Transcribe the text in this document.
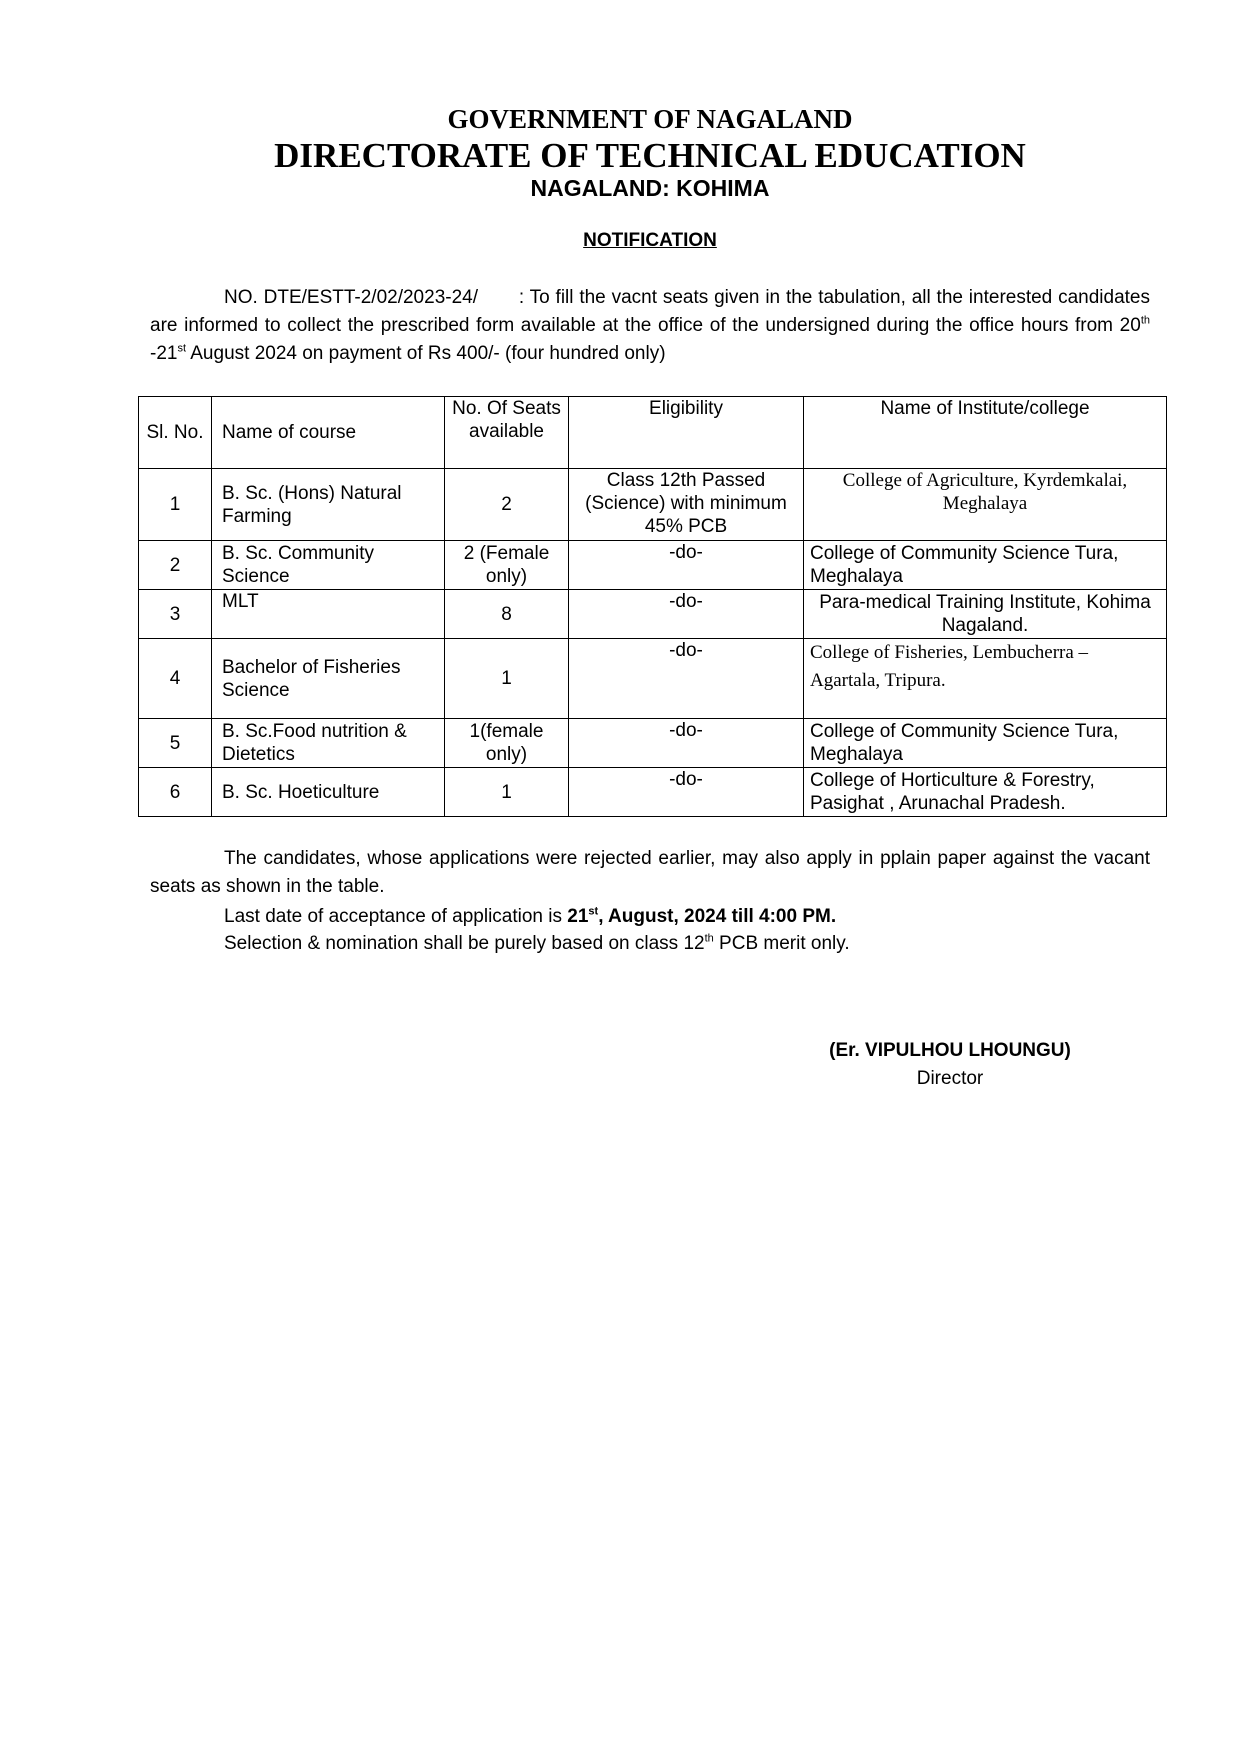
GOVERNMENT OF NAGALAND
DIRECTORATE OF TECHNICAL EDUCATION
NAGALAND: KOHIMA
NOTIFICATION
NO. DTE/ESTT-2/02/2023-24/ : To fill the vacnt seats given in the tabulation, all the interested candidates are informed to collect the prescribed form available at the office of the undersigned during the office hours from 20th -21st August 2024 on payment of Rs 400/- (four hundred only)
Sl. No.	Name of course	No. Of Seats available	Eligibility	Name of Institute/college
1	B. Sc. (Hons) Natural Farming	2	Class 12th Passed (Science) with minimum 45% PCB	College of Agriculture, Kyrdemkalai, Meghalaya
2	B. Sc. Community Science	2 (Female only)	-do-	College of Community Science Tura, Meghalaya
3	MLT	8	-do-	Para-medical Training Institute, Kohima Nagaland.
4	Bachelor of Fisheries Science	1	-do-	College of Fisheries, Lembucherra – Agartala, Tripura.
5	B. Sc.Food nutrition & Dietetics	1(female only)	-do-	College of Community Science Tura, Meghalaya
6	B. Sc. Hoeticulture	1	-do-	College of Horticulture & Forestry, Pasighat , Arunachal Pradesh.
The candidates, whose applications were rejected earlier, may also apply in pplain paper against the vacant seats as shown in the table.
Last date of acceptance of application is 21st, August, 2024 till 4:00 PM.
Selection & nomination shall be purely based on class 12th PCB merit only.
(Er. VIPULHOU LHOUNGU)
Director
